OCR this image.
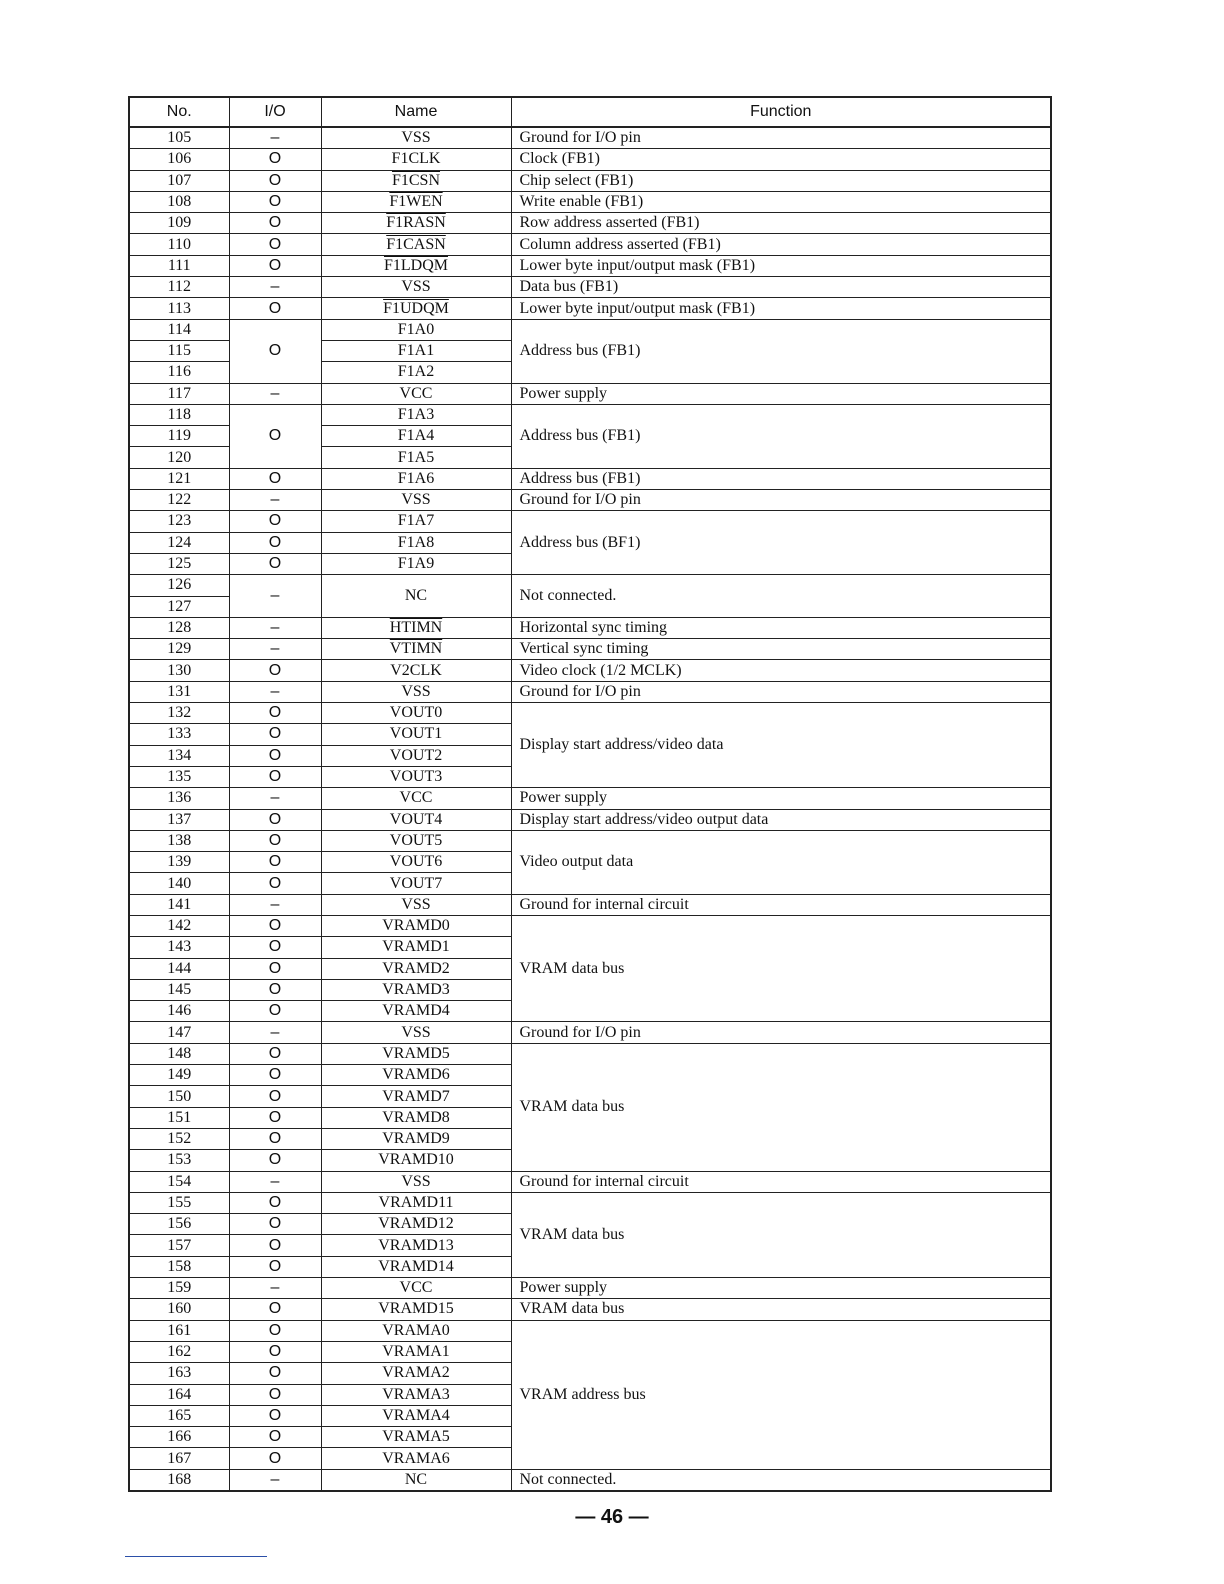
No.	I/O	Name	Function
105	–	VSS	Ground for I/O pin
106	O	F1CLK	Clock (FB1)
107	O	F1CSN	Chip select (FB1)
108	O	F1WEN	Write enable (FB1)
109	O	F1RASN	Row address asserted (FB1)
110	O	F1CASN	Column address asserted (FB1)
111	O	F1LDQM	Lower byte input/output mask (FB1)
112	–	VSS	Data bus (FB1)
113	O	F1UDQM	Lower byte input/output mask (FB1)
114	O	F1A0	Address bus (FB1)
115		F1A1	
116		F1A2	
117	–	VCC	Power supply
118	O	F1A3	Address bus (FB1)
119		F1A4	
120		F1A5	
121	O	F1A6	Address bus (FB1)
122	–	VSS	Ground for I/O pin
123	O	F1A7	Address bus (BF1)
124	O	F1A8	
125	O	F1A9	
126	–	NC	Not connected.
127			
128	–	HTIMN	Horizontal sync timing
129	–	VTIMN	Vertical sync timing
130	O	V2CLK	Video clock (1/2 MCLK)
131	–	VSS	Ground for I/O pin
132	O	VOUT0	Display start address/video data
133	O	VOUT1	
134	O	VOUT2	
135	O	VOUT3	
136	–	VCC	Power supply
137	O	VOUT4	Display start address/video output data
138	O	VOUT5	Video output data
139	O	VOUT6	
140	O	VOUT7	
141	–	VSS	Ground for internal circuit
142	O	VRAMD0	VRAM data bus
143	O	VRAMD1	
144	O	VRAMD2	
145	O	VRAMD3	
146	O	VRAMD4	
147	–	VSS	Ground for I/O pin
148	O	VRAMD5	VRAM data bus
149	O	VRAMD6	
150	O	VRAMD7	
151	O	VRAMD8	
152	O	VRAMD9	
153	O	VRAMD10	
154	–	VSS	Ground for internal circuit
155	O	VRAMD11	VRAM data bus
156	O	VRAMD12	
157	O	VRAMD13	
158	O	VRAMD14	
159	–	VCC	Power supply
160	O	VRAMD15	VRAM data bus
161	O	VRAMA0	VRAM address bus
162	O	VRAMA1	
163	O	VRAMA2	
164	O	VRAMA3	
165	O	VRAMA4	
166	O	VRAMA5	
167	O	VRAMA6	
168	–	NC	Not connected.
— 46 —
